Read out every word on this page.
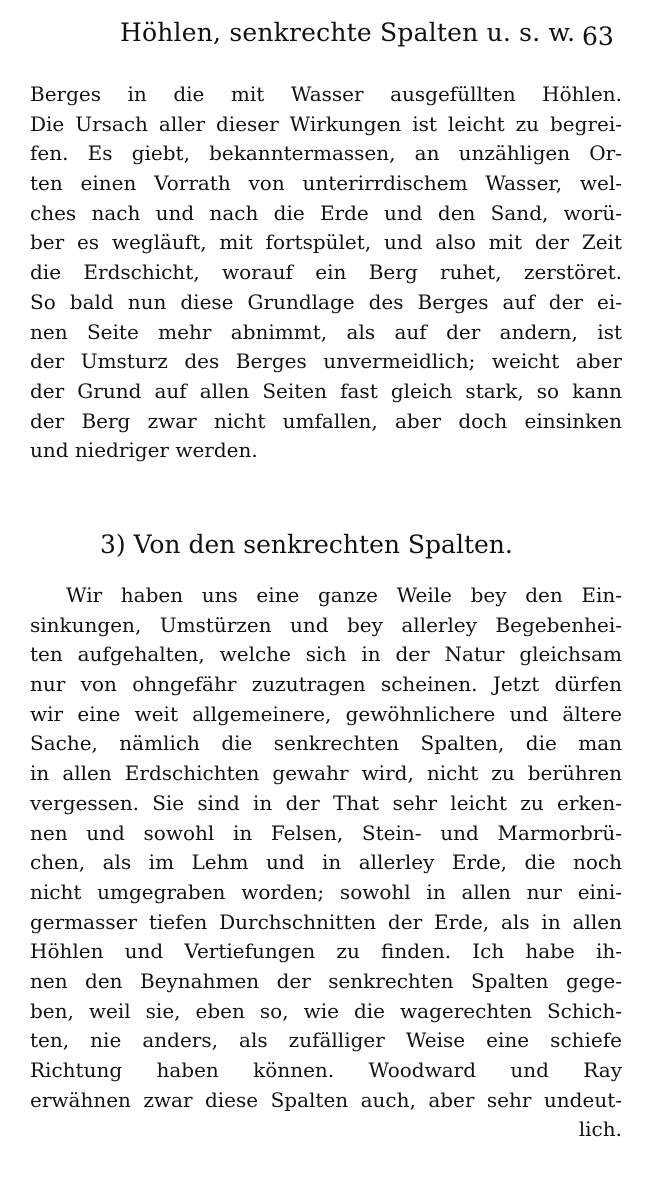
Höhlen, senkrechte Spalten u. s. w. 63
Berges in die mit Wasser ausgefüllten Höhlen.
Die Ursach aller dieser Wirkungen ist leicht zu begrei-
fen. Es giebt, bekanntermassen, an unzähligen Or-
ten einen Vorrath von unterirrdischem Wasser, wel-
ches nach und nach die Erde und den Sand, worü-
ber es wegläuft, mit fortspület, und also mit der Zeit
die Erdschicht, worauf ein Berg ruhet, zerstöret.
So bald nun diese Grundlage des Berges auf der ei-
nen Seite mehr abnimmt, als auf der andern, ist
der Umsturz des Berges unvermeidlich; weicht aber
der Grund auf allen Seiten fast gleich stark, so kann
der Berg zwar nicht umfallen, aber doch einsinken
und niedriger werden.
3) Von den senkrechten Spalten.
Wir haben uns eine ganze Weile bey den Ein-
sinkungen, Umstürzen und bey allerley Begebenhei-
ten aufgehalten, welche sich in der Natur gleichsam
nur von ohngefähr zuzutragen scheinen. Jetzt dürfen
wir eine weit allgemeinere, gewöhnlichere und ältere
Sache, nämlich die senkrechten Spalten, die man
in allen Erdschichten gewahr wird, nicht zu berühren
vergessen. Sie sind in der That sehr leicht zu erken-
nen und sowohl in Felsen, Stein- und Marmorbrü-
chen, als im Lehm und in allerley Erde, die noch
nicht umgegraben worden; sowohl in allen nur eini-
germasser tiefen Durchschnitten der Erde, als in allen
Höhlen und Vertiefungen zu finden. Ich habe ih-
nen den Beynahmen der senkrechten Spalten gege-
ben, weil sie, eben so, wie die wagerechten Schich-
ten, nie anders, als zufälliger Weise eine schiefe
Richtung haben können. Woodward und Ray
erwähnen zwar diese Spalten auch, aber sehr undeut-
lich.
